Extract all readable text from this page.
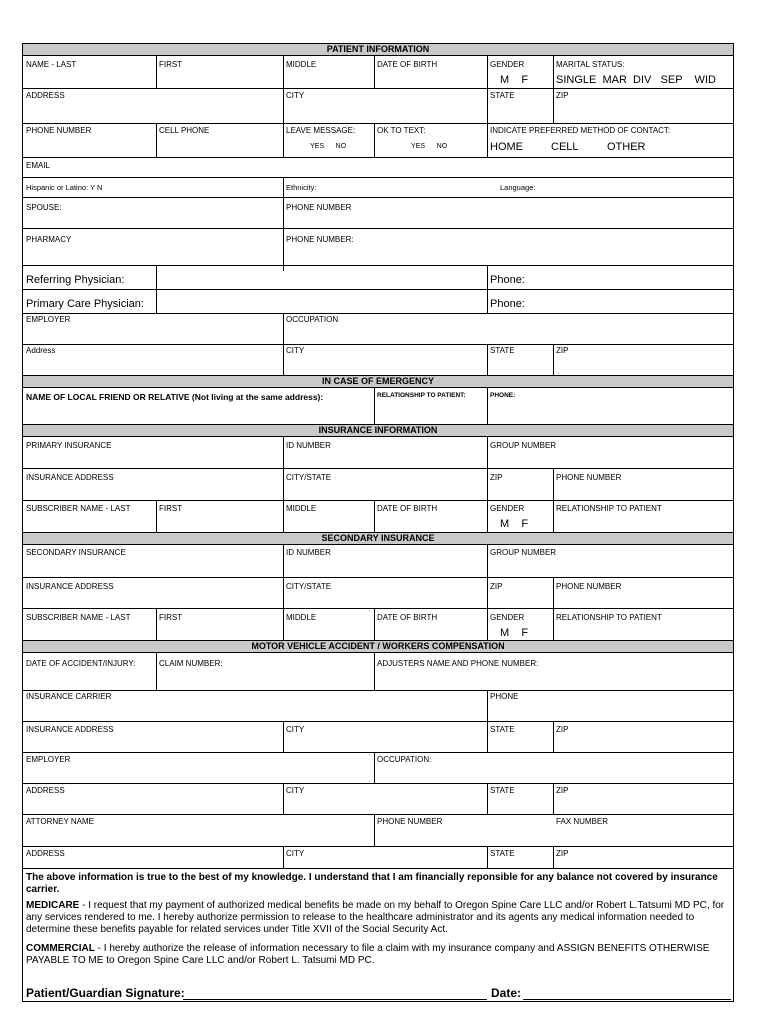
PATIENT INFORMATION
NAME - LAST	FIRST	MIDDLE	DATE OF BIRTH	GENDER	MARITAL STATUS:
M    F	SINGLE  MAR  DIV   SEP    WID
ADDRESS	CITY	STATE	ZIP
PHONE NUMBER	CELL PHONE	LEAVE MESSAGE:	OK TO TEXT:	INDICATE PREFERRED METHOD OF CONTACT:
YES      NO	YES      NO	HOME	CELL	OTHER
EMAIL
Hispanic or Latino: Y N	Ethnicity:	Language:
SPOUSE:	PHONE NUMBER
PHARMACY	PHONE NUMBER:
Referring Physician:	Phone:
Primary Care Physician:	Phone:
EMPLOYER	OCCUPATION
Address	CITY	STATE	ZIP
IN CASE OF EMERGENCY
NAME OF LOCAL FRIEND OR RELATIVE (Not living at the same address):	RELATIONSHIP TO PATIENT:	PHONE:
INSURANCE INFORMATION
PRIMARY INSURANCE	ID NUMBER	GROUP NUMBER
INSURANCE ADDRESS	CITY/STATE	ZIP	PHONE NUMBER
SUBSCRIBER NAME - LAST	FIRST	MIDDLE	DATE OF BIRTH	GENDER	RELATIONSHIP TO PATIENT
M    F
SECONDARY INSURANCE
SECONDARY INSURANCE	ID NUMBER	GROUP NUMBER
INSURANCE ADDRESS	CITY/STATE	ZIP	PHONE NUMBER
SUBSCRIBER NAME - LAST	FIRST	MIDDLE	DATE OF BIRTH	GENDER	RELATIONSHIP TO PATIENT
M    F
MOTOR VEHICLE ACCIDENT / WORKERS COMPENSATION
DATE OF ACCIDENT/INJURY:	CLAIM NUMBER:	ADJUSTERS NAME AND PHONE NUMBER:
INSURANCE CARRIER	PHONE
INSURANCE ADDRESS	CITY	STATE	ZIP
EMPLOYER	OCCUPATION:
ADDRESS	CITY	STATE	ZIP
ATTORNEY NAME	PHONE NUMBER	FAX NUMBER
ADDRESS	CITY	STATE	ZIP
The above information is true to the best of my knowledge. I understand that I am financially reponsible for any balance not covered by insurance carrier.
MEDICARE - I request that my payment of authorized medical benefits be made on my behalf to Oregon Spine Care LLC and/or Robert L.Tatsumi MD PC, for any services rendered to me. I hereby authorize permission to release to the healthcare administrator and its agents any medical information needed to determine these benefits payable for related services under Title XVII of the Social Security Act.
COMMERCIAL - I hereby authorize the release of information necessary to file a claim with my insurance company and ASSIGN BENEFITS OTHERWISE PAYABLE TO ME to Oregon Spine Care LLC and/or Robert L. Tatsumi MD PC.
Patient/Guardian Signature:	Date:
